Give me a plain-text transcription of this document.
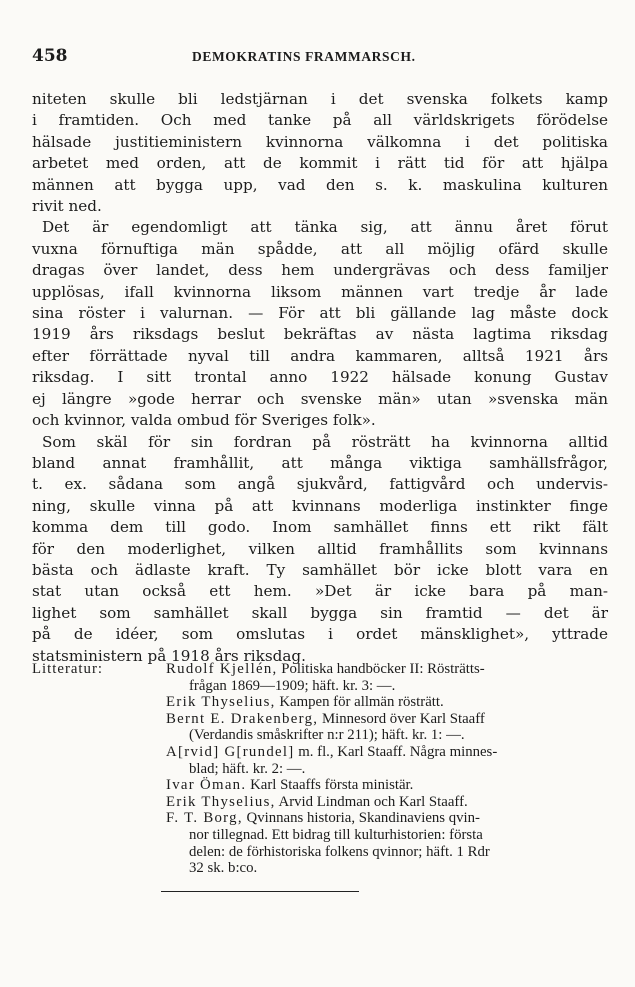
458	DEMOKRATINS FRAMMARSCH.
niteten skulle bli ledstjärnan i det svenska folkets kamp
i framtiden. Och med tanke på all världskrigets förödelse
hälsade justitieministern kvinnorna välkomna i det politiska
arbetet med orden, att de kommit i rätt tid för att hjälpa
männen att bygga upp, vad den s. k. maskulina kulturen
rivit ned.
Det är egendomligt att tänka sig, att ännu året förut
vuxna förnuftiga män spådde, att all möjlig ofärd skulle
dragas över landet, dess hem undergrävas och dess familjer
upplösas, ifall kvinnorna liksom männen vart tredje år lade
sina röster i valurnan. — För att bli gällande lag måste dock
1919 års riksdags beslut bekräftas av nästa lagtima riksdag
efter förrättade nyval till andra kammaren, alltså 1921 års
riksdag. I sitt trontal anno 1922 hälsade konung Gustav
ej längre »gode herrar och svenske män» utan »svenska män
och kvinnor, valda ombud för Sveriges folk».
Som skäl för sin fordran på rösträtt ha kvinnorna alltid
bland annat framhållit, att många viktiga samhällsfrågor,
t. ex. sådana som angå sjukvård, fattigvård och undervis-
ning, skulle vinna på att kvinnans moderliga instinkter finge
komma dem till godo. Inom samhället finns ett rikt fält
för den moderlighet, vilken alltid framhållits som kvinnans
bästa och ädlaste kraft. Ty samhället bör icke blott vara en
stat utan också ett hem. »Det är icke bara på man-
lighet som samhället skall bygga sin framtid — det är
på de idéer, som omslutas i ordet mänsklighet», yttrade
statsministern på 1918 års riksdag.
Litteratur:	Rudolf Kjellén, Politiska handböcker II: Rösträtts-
frågan 1869—1909; häft. kr. 3: —.
Erik Thyselius, Kampen för allmän rösträtt.
Bernt E. Drakenberg, Minnesord över Karl Staaff
(Verdandis småskrifter n:r 211); häft. kr. 1: —.
A[rvid] G[rundel] m. fl., Karl Staaff. Några minnes-
blad; häft. kr. 2: —.
Ivar Öman. Karl Staaffs första ministär.
Erik Thyselius, Arvid Lindman och Karl Staaff.
F. T. Borg, Qvinnans historia, Skandinaviens qvin-
nor tillegnad. Ett bidrag till kulturhistorien: första
delen: de förhistoriska folkens qvinnor; häft. 1 Rdr
32 sk. b:co.
